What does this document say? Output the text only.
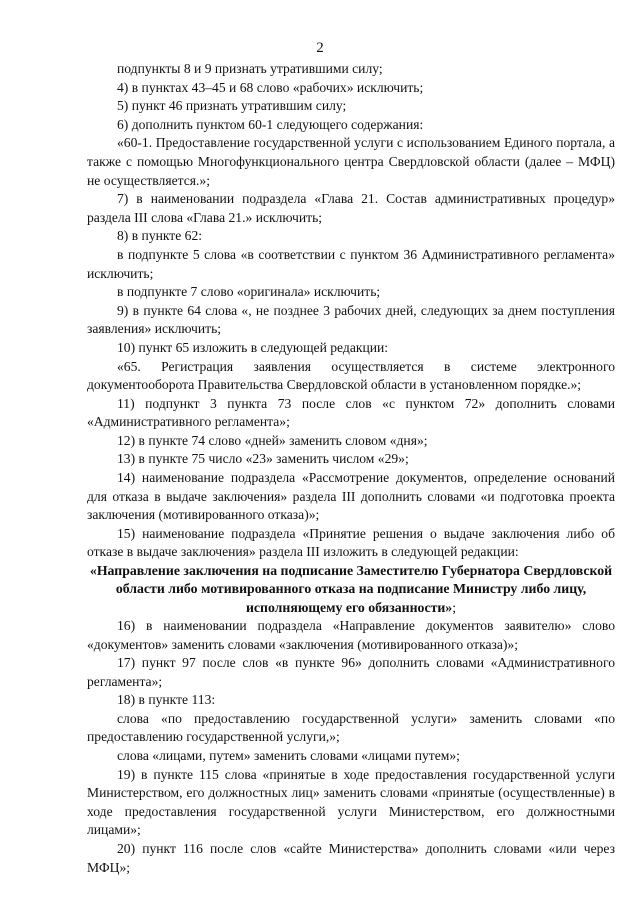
2

подпункты 8 и 9 признать утратившими силу;

4) в пунктах 43–45 и 68 слово «рабочих» исключить;

5) пункт 46 признать утратившим силу;

6) дополнить пунктом 60-1 следующего содержания:

«60-1. Предоставление государственной услуги с использованием Единого портала, а также с помощью Многофункционального центра Свердловской области (далее – МФЦ) не осуществляется.»;

7) в наименовании подраздела «Глава 21. Состав административных процедур» раздела III слова «Глава 21.» исключить;

8) в пункте 62:

в подпункте 5 слова «в соответствии с пунктом 36 Административного регламента» исключить;

в подпункте 7 слово «оригинала» исключить;

9) в пункте 64 слова «, не позднее 3 рабочих дней, следующих за днем поступления заявления» исключить;

10) пункт 65 изложить в следующей редакции:

«65. Регистрация заявления осуществляется в системе электронного документооборота Правительства Свердловской области в установленном порядке.»;

11) подпункт 3 пункта 73 после слов «с пунктом 72» дополнить словами «Административного регламента»;

12) в пункте 74 слово «дней» заменить словом «дня»;

13) в пункте 75 число «23» заменить числом «29»;

14) наименование подраздела «Рассмотрение документов, определение оснований для отказа в выдаче заключения» раздела III дополнить словами «и подготовка проекта заключения (мотивированного отказа)»;

15) наименование подраздела «Принятие решения о выдаче заключения либо об отказе в выдаче заключения» раздела III изложить в следующей редакции:

«Направление заключения на подписание Заместителю Губернатора Свердловской области либо мотивированного отказа на подписание Министру либо лицу, исполняющему его обязанности»;

16) в наименовании подраздела «Направление документов заявителю» слово «документов» заменить словами «заключения (мотивированного отказа)»;

17) пункт 97 после слов «в пункте 96» дополнить словами «Административного регламента»;

18) в пункте 113:

слова «по предоставлению государственной услуги» заменить словами «по предоставлению государственной услуги,»;

слова «лицами, путем» заменить словами «лицами путем»;

19) в пункте 115 слова «принятые в ходе предоставления государственной услуги Министерством, его должностных лиц» заменить словами «принятые (осуществленные) в ходе предоставления государственной услуги Министерством, его должностными лицами»;

20) пункт 116 после слов «сайте Министерства» дополнить словами «или через МФЦ»;
